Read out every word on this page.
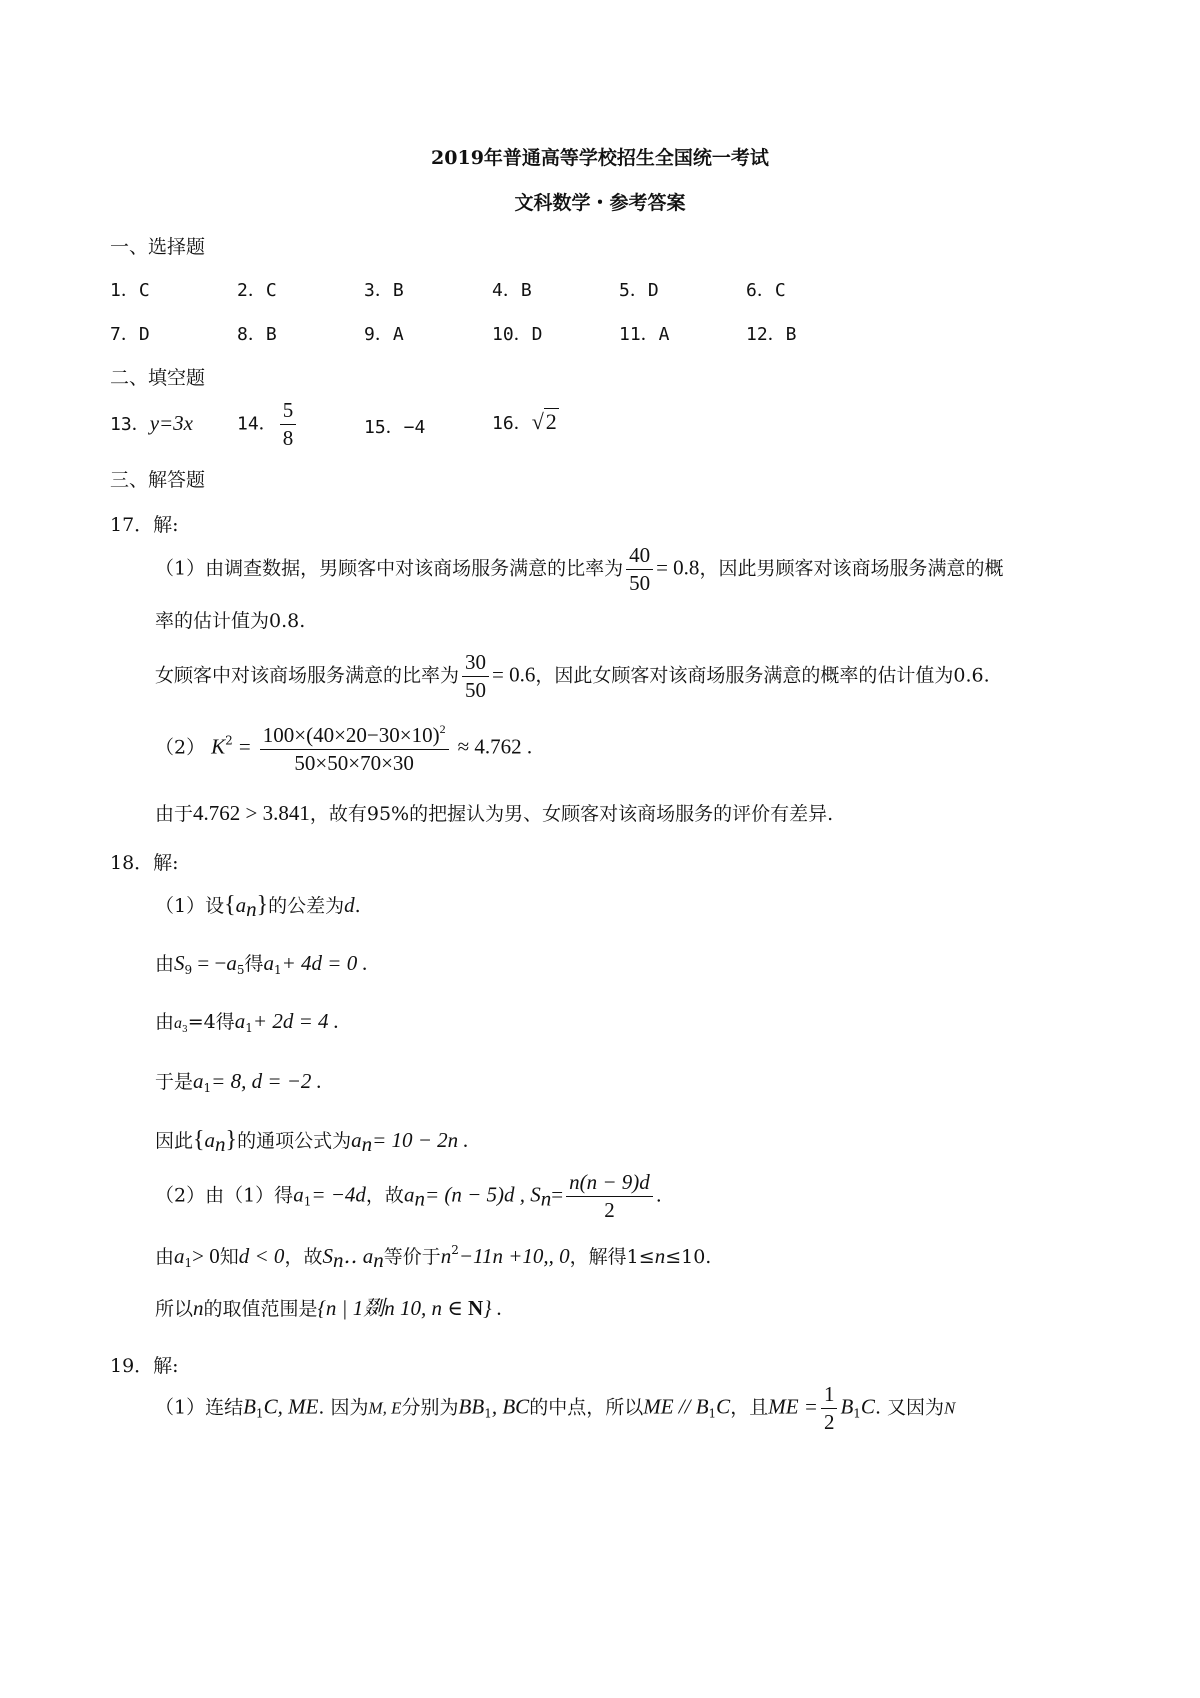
2019年普通高等学校招生全国统一考试
文科数学・参考答案
一、选择题
1．C	2．C	3．B	4．B	5．D	6．C
7．D	8．B	9．A	10．D	11．A	12．B
二、填空题
13．y=3x 14． $\frac{5}{8}$	15．−4	16．√2
三、解答题
17．解:
（1）由调查数据，男顾客中对该商场服务满意的比率为 $\frac{40}{50} = 0.8$，因此男顾客对该商场服务满意的概
率的估计值为0.8.
女顾客中对该商场服务满意的比率为 $\frac{30}{50} = 0.6$，因此女顾客对该商场服务满意的概率的估计值为0.6.
（2） $K^2 = \frac{100\times(40\times 20-30\times 10)^2}{50\times 50\times 70\times 30} \approx 4.762$ .
由于4.762 > 3.841，故有95%的把握认为男、女顾客对该商场服务的评价有差异.
18．解:
（1）设$\{a_n\}$的公差为d.
由$S_9 = -a_5$得$a_1+ 4d = 0$ .
由$a_3=4$得$a_1+ 2d = 4$ .
于是$a_1= 8$, d = −2 .
因此$\{a_n\}$的通项公式为$a_n= 10 - 2n$ .
（2）由（1）得$a_1= -4d$，故$a_n= (n - 5)d$ , $S_n= \frac{n(n - 9)d}{2}$ .
由$a_1> 0$知d < 0，故$S_n‥$ $a_n$等价于$n^2-11n +10$,, 0，解得1≤n≤10.
所以n的取值范围是{n | 1剟n 10, n ∈ N} .
19．解:
（1）连结$B_1C$, ME. 因为M, E分别为$BB_1$, BC的中点，所以ME // $B_1C$，且ME = $\frac{1}{2} B_1C$. 又因为N
